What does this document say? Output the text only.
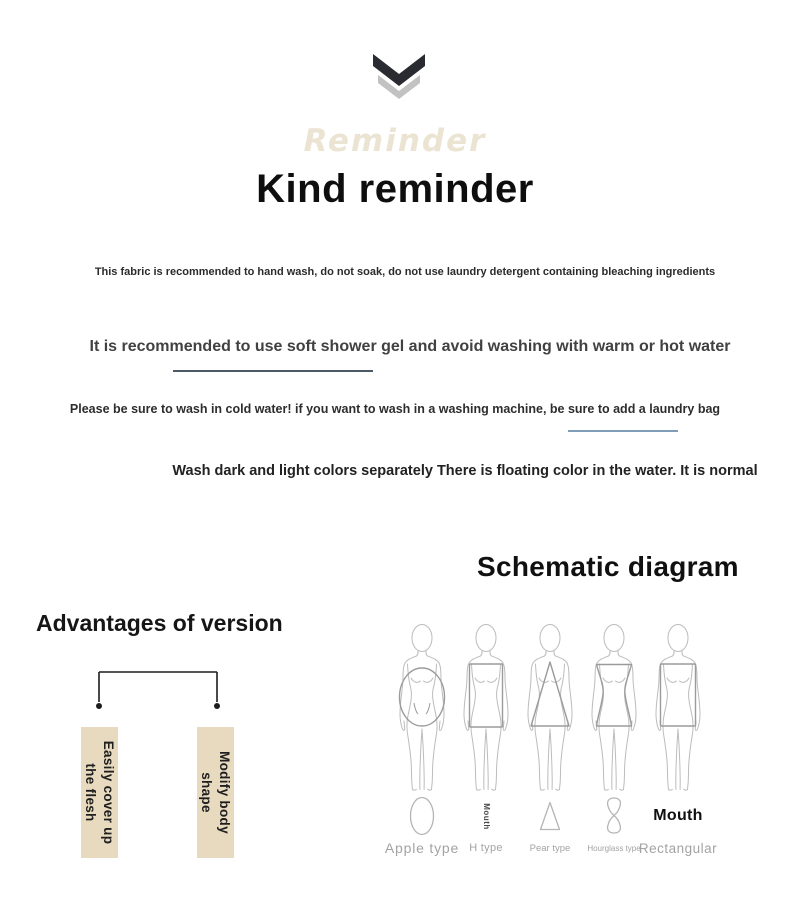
Reminder
Kind reminder
This fabric is recommended to hand wash, do not soak, do not use laundry detergent containing bleaching ingredients
It is recommended to use soft shower gel and avoid washing with warm or hot water
Please be sure to wash in cold water! if you want to wash in a washing machine, be sure to add a laundry bag
Wash dark and light colors separately There is floating color in the water. It is normal
Schematic diagram
Advantages of version
Easily cover up
the flesh	Modify body
shape
Apple type
Mouth
H type	Pear type Hourglass type
Mouth
Rectangular
